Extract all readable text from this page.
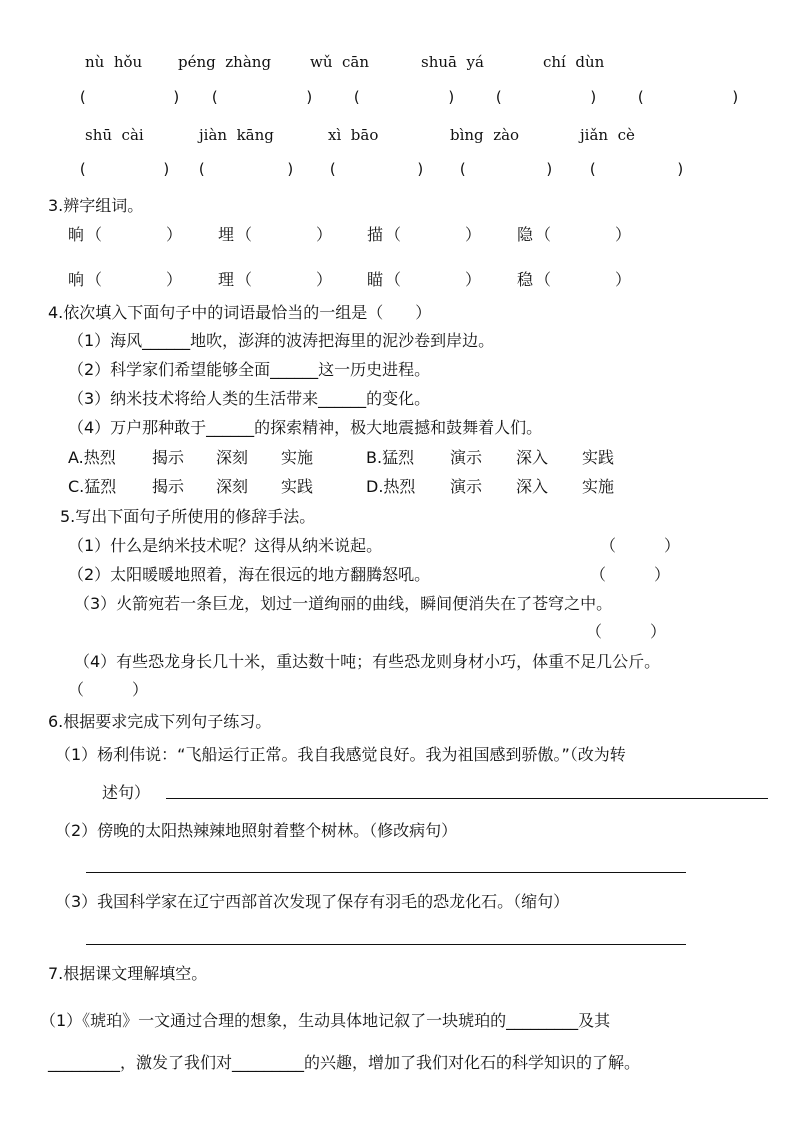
nù  hǒu péng  zhàng	wǔ  cān	shuā  yá	chí  dùn
(	) (	)	(	)	(	)	(	)
shū  cài	jiàn  kāng	xì  bāo	bìng  zào	jiǎn  cè
(	) (	) (	) (	) (	)
3.辨字组词。
晌 （　　　　） 埋 （　　　　） 描 （　　　　） 隐 （　　　　）
响 （　　　　） 理 （　　　　） 瞄 （　　　　） 稳 （　　　　）
4.依次填入下面句子中的词语最恰当的一组是（　　）
（1）海风______地吹，澎湃的波涛把海里的泥沙卷到岸边。
（2）科学家们希望能够全面______这一历史进程。
（3）纳米技术将给人类的生活带来______的变化。
（4）万户那种敢于______的探索精神，极大地震撼和鼓舞着人们。
A.热烈 揭示 深刻 实施	B.猛烈 演示 深入 实践
C.猛烈 揭示 深刻 实践	D.热烈 演示 深入 实施
5.写出下面句子所使用的修辞手法。
（1）什么是纳米技术呢？这得从纳米说起。	（　　　）
（2）太阳暖暖地照着，海在很远的地方翻腾怒吼。	（　　　）
（3）火箭宛若一条巨龙，划过一道绚丽的曲线，瞬间便消失在了苍穹之中。
（　　　）
（4）有些恐龙身长几十米，重达数十吨；有些恐龙则身材小巧，体重不足几公斤。
（　　　）
6.根据要求完成下列句子练习。
（1）杨利伟说：“飞船运行正常。我自我感觉良好。我为祖国感到骄傲。”（改为转
述句）
（2）傍晚的太阳热辣辣地照射着整个树林。（修改病句）
（3）我国科学家在辽宁西部首次发现了保存有羽毛的恐龙化石。（缩句）
7.根据课文理解填空。
（1）《琥珀》一文通过合理的想象，生动具体地记叙了一块琥珀的_________及其
_________，激发了我们对_________的兴趣，增加了我们对化石的科学知识的了解。
